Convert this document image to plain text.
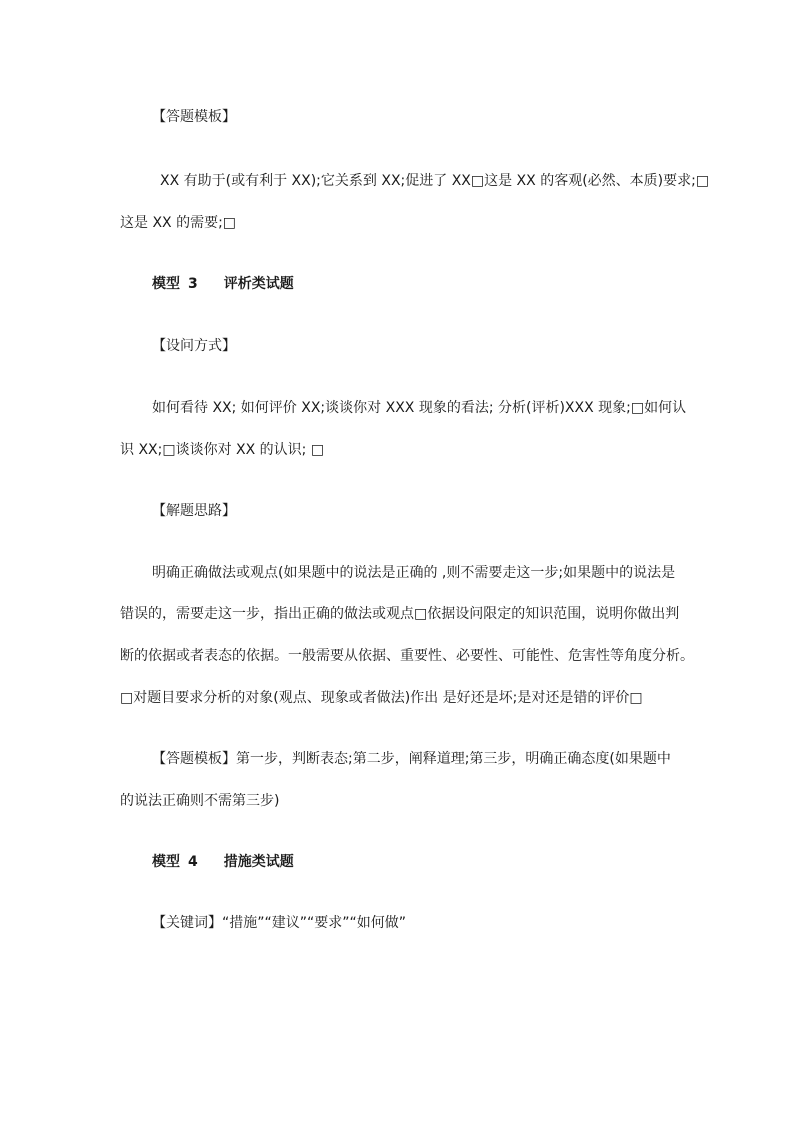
【答题模板】
XX 有助于(或有利于 XX);它关系到 XX;促进了 XX□这是 XX 的客观(必然、本质)要求;□
这是 XX 的需要;□
模型 3 评析类试题
【设问方式】
如何看待 XX; 如何评价 XX;谈谈你对 XXX 现象的看法; 分析(评析)XXX 现象;□如何认
识 XX;□谈谈你对 XX 的认识; □
【解题思路】
明确正确做法或观点(如果题中的说法是正确的 ,则不需要走这一步;如果题中的说法是
错误的，需要走这一步，指出正确的做法或观点□依据设问限定的知识范围，说明你做出判
断的依据或者表态的依据。一般需要从依据、重要性、必要性、可能性、危害性等角度分析。
□对题目要求分析的对象(观点、现象或者做法)作出 是好还是坏;是对还是错的评价□
【答题模板】第一步，判断表态;第二步，阐释道理;第三步，明确正确态度(如果题中
的说法正确则不需第三步)
模型 4 措施类试题
【关键词】“措施”“建议”“要求”“如何做”
